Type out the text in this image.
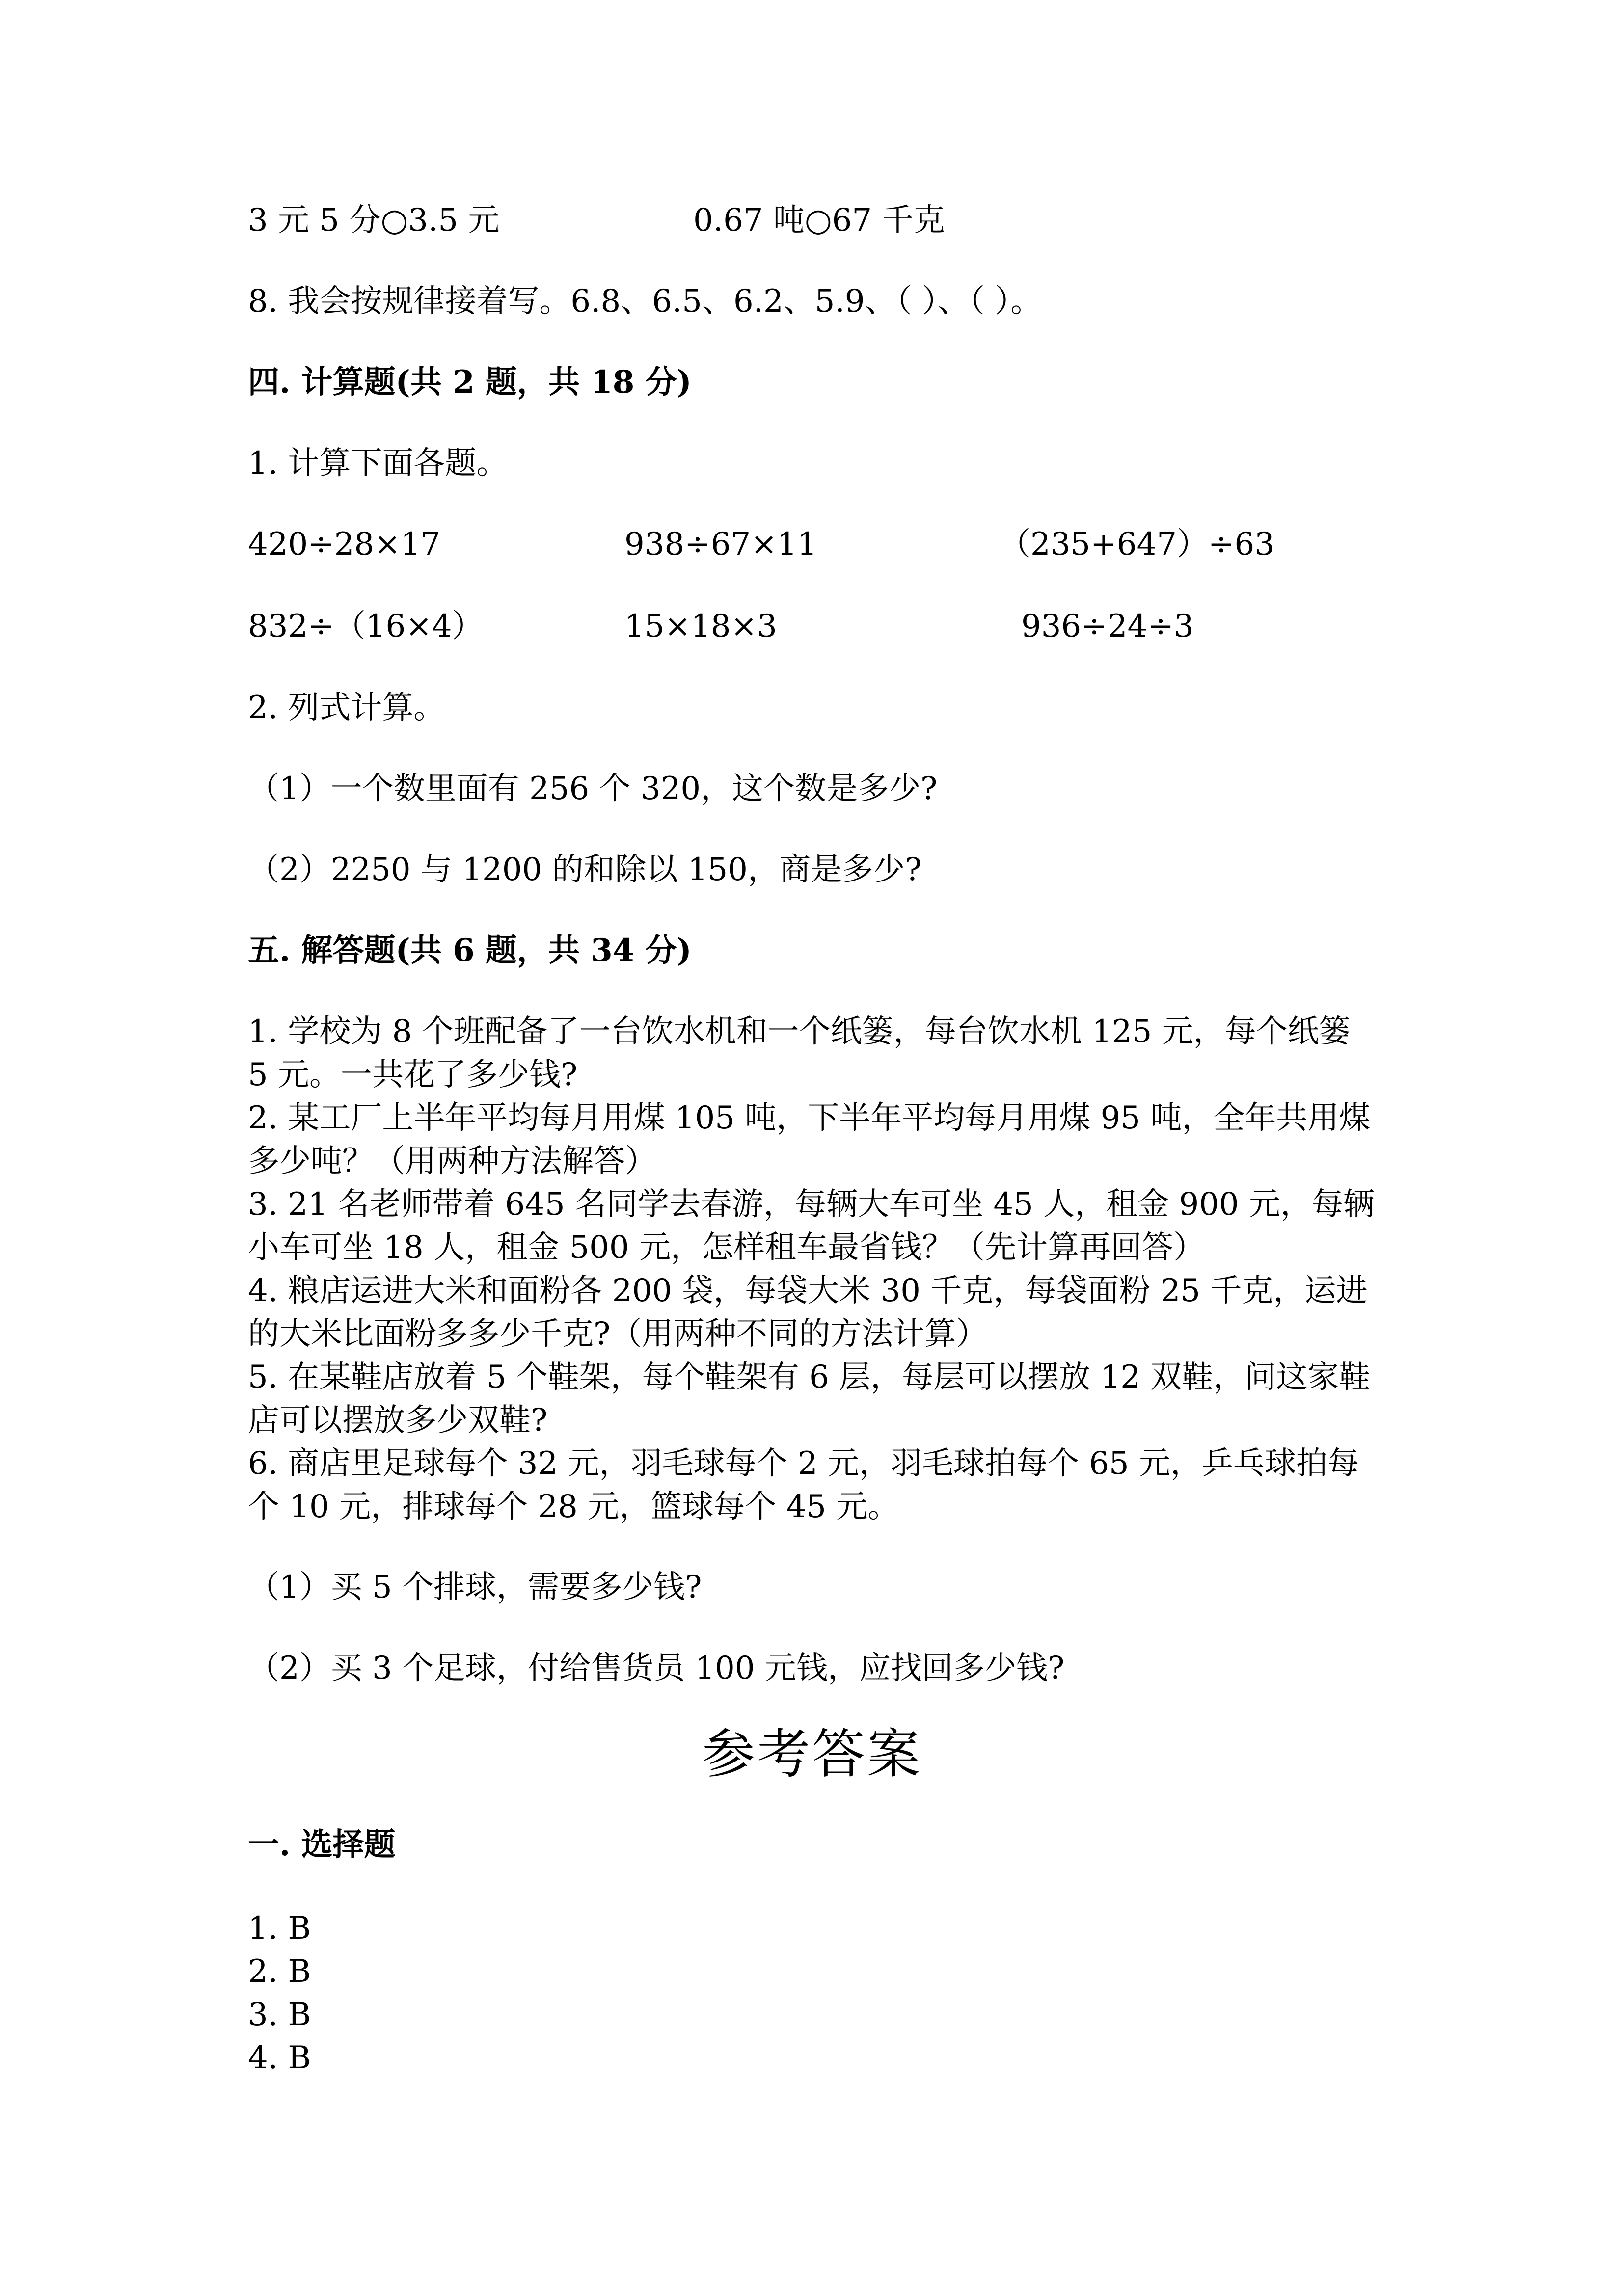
3 元 5 分○3.5 元	0.67 吨○67 千克
8. 我会按规律接着写。6.8、6.5、6.2、5.9、（ ）、（ ）。
四. 计算题(共 2 题，共 18 分)
1. 计算下面各题。
420÷28×17	938÷67×11	（235+647）÷63
832÷（16×4）	15×18×3	936÷24÷3
2. 列式计算。
（1）一个数里面有 256 个 320，这个数是多少?
（2）2250 与 1200 的和除以 150，商是多少?
五. 解答题(共 6 题，共 34 分)
1. 学校为 8 个班配备了一台饮水机和一个纸篓，每台饮水机 125 元，每个纸篓
5 元。一共花了多少钱?
2. 某工厂上半年平均每月用煤 105 吨，下半年平均每月用煤 95 吨，全年共用煤
多少吨？（用两种方法解答）
3. 21 名老师带着 645 名同学去春游，每辆大车可坐 45 人，租金 900 元，每辆
小车可坐 18 人，租金 500 元，怎样租车最省钱？（先计算再回答）
4. 粮店运进大米和面粉各 200 袋，每袋大米 30 千克，每袋面粉 25 千克，运进
的大米比面粉多多少千克?（用两种不同的方法计算）
5. 在某鞋店放着 5 个鞋架，每个鞋架有 6 层，每层可以摆放 12 双鞋，问这家鞋
店可以摆放多少双鞋?
6. 商店里足球每个 32 元，羽毛球每个 2 元，羽毛球拍每个 65 元，乒乓球拍每
个 10 元，排球每个 28 元，篮球每个 45 元。
（1）买 5 个排球，需要多少钱?
（2）买 3 个足球，付给售货员 100 元钱，应找回多少钱?
参考答案
一. 选择题
1. B
2. B
3. B
4. B
